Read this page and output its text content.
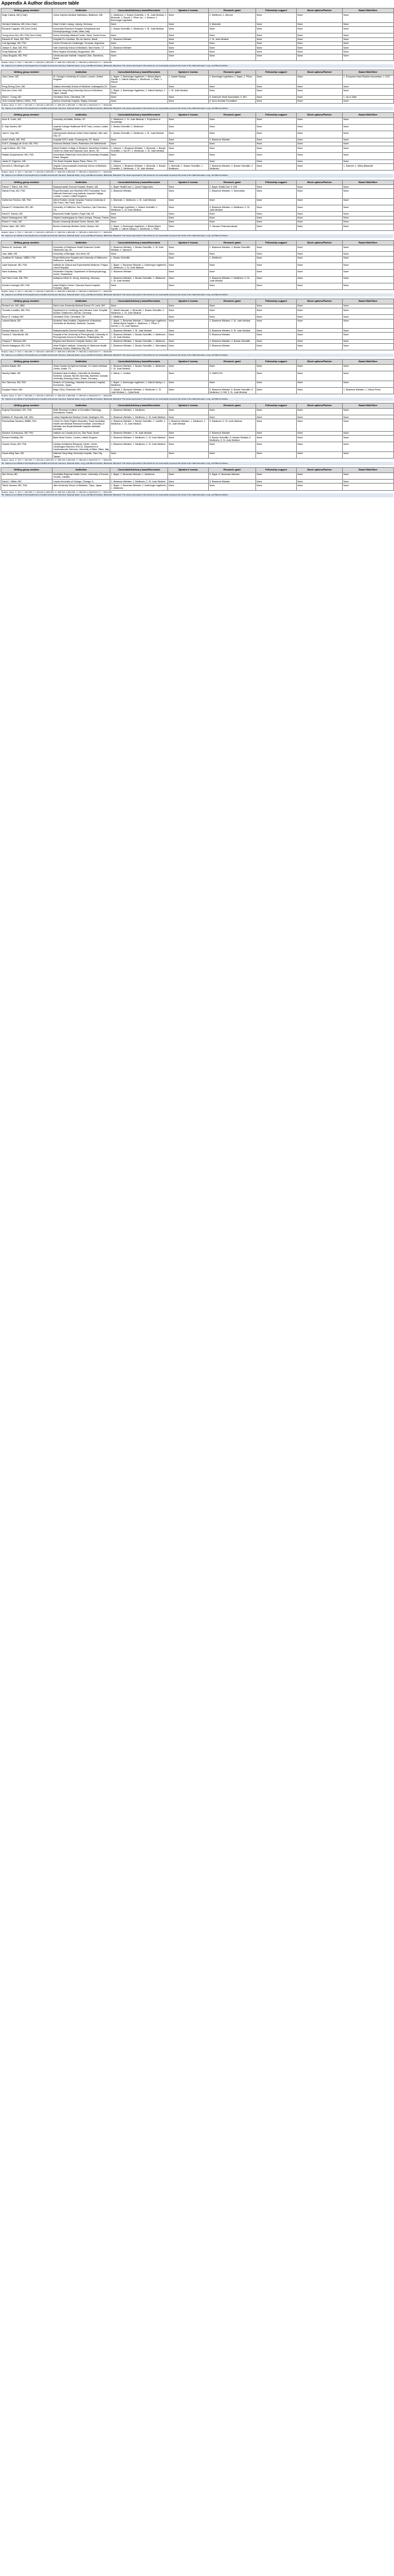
Appendix A Author disclosure table
Writing group member	Institution	Consultant/Advisory board/Honoraria	Speakers' bureau	Research grant	Fellowship support	Stock options/Partner	Board Mbr/Other
Hugh Calkins, MD (Chair)	Johns Hopkins Medical Institutions, Baltimore, MD	1. Medtronic; 1. Boston Scientific; 1. St. Jude Medical; 1. Biotronik; 1. Sanofi; 1. Pfizer Inc.; 1. Atricure; 1. Boehringer Ingelheim	None	2. Medtronic; 2. Atricure	None	None	None
Gerhard Hindricks, MD (Vice-Chair)	Heart Center Leipzig, Leipzig, Germany	None	None	5. Biotronik	None	None	None
Riccardo Cappato, MD (Vice-Chair)	Humanitas Research Hospital, Arrhythmias and Electrophysiology Center, Milan, Italy	1. Boston Scientific; 1. Medtronic; 1. St. Jude Medical	None	None	None	None	None
Young-Hoon Kim, MD, PhD (Vice-Chair)	Korea University Medical Center, Seoul, South Korea	None	None	None	None	None	None
Eduardo B. Saad, MD, PhD	Hospital Pro-Cardiaco, Rio de Janeiro, Brazil	1. Biosense Webster	None	2. St. Jude Medical	None	None	None
Luis Aguinaga, MD, PhD	Centro Privado de Cardiologia, Tucuman, Argentina	None	None	None	None	None	None
Joseph G. Akar, MD, PhD	Yale University School of Medicine, New Haven, CT	1. Biosense Webster	None	None	None	None	None
Vinay Badhwar, MD	West Virginia University, Morgantown, WV	None	None	None	None	None	None
Josep Brugada, MD, PhD	Cardiovascular Institute, Hospital Clinic, Barcelona, Spain	None	None	None	None	None	None
Relation Value: 0 = $0; 1 = $10,000; 2 = $10,001 to $25,000; 3 = $25,001 to $50,000; 4 = $50,001 to $100,000; 5 = > $100,000
*Dr. Caputo is an official of the Department of Health and Human Services, National Heart, Lung, and Blood Institute, Bethesda, Maryland. The views expressed in this article do not necessarily represent the views of the National Heart, Lung, and Blood Institute.
Writing group member	Institution	Consultant/Advisory board/Honoraria	Speakers' bureau	Research grant	Fellowship support	Stock options/Partner	Board Mbr/Other
John Camm, MD	St. George's University of London, London, United Kingdom	1. Bayer; 1. Boehringer Ingelheim; 1. Bristol-Myers Squibb; 1. Daiichi Sankyo; 1. Medtronic; 1. Pfizer; 1. Sanofi	1. Daiichi Sankyo	2. Boehringer Ingelheim; 2. Bayer; 2. Pfizer	None	None	1. European Heart Rhythm Association; 1. ESC
Peng-Sheng Chen, MD	Indiana University School of Medicine, Indianapolis, IN	None	None	None	None	None	None
Shih-Ann Chen, MD	National Yang-Ming University School of Medicine, Taipei, Taiwan	1. Bayer; 1. Boehringer Ingelheim; 1. Daiichi Sankyo; 1. Pfizer	1. St. Jude Medical	None	None	None	None
Mina K. Chung, MD	Cleveland Clinic, Cleveland, OH	None	None	5. American Heart Association; 5. NIH	None	None	1. Up to Date
Jens Cosedis Nielsen, DMSc, PhD	Aarhus University Hospital, Skejby, Denmark	None	None	5. Novo Nordisk Foundation	None	None	None
Relation Value: 0 = $0; 1 = $10,000; 2 = $10,001 to $25,000; 3 = $25,001 to $50,000; 4 = $50,001 to $100,000; 5 = > $100,000
*Dr. Caputo is an official of the Department of Health and Human Services, National Heart, Lung, and Blood Institute, Bethesda, Maryland. The views expressed in this article do not necessarily represent the views of the National Heart, Lung, and Blood Institute.
Writing group member	Institution	Consultant/Advisory board/Honoraria	Speakers' bureau	Research grant	Fellowship support	Stock options/Partner	Board Mbr/Other
Anne B. Curtis, MD	University at Buffalo, Buffalo, NY	1. Medtronic; 1. St. Jude Medical; 1. Projections in Knowledge	None	None	None	None	None
D. Wyn Davies, MD	Imperial College Healthcare NHS Trust, London, United Kingdom	1. Boston Scientific; 1. Medtronic	None	None	None	None	None
John D. Day, MD	Intermountain Medical Center Heart Institute, Salt Lake City, UT	1. Boston Scientific; 1. Medtronic; 1. St. Jude Medical	None	None	None	None	None
André d'Avila, MD, PhD	Hospital SOS Cardio, Florianopolis, SC, Brazil	None	None	5. Biosense Webster	None	None	None
N.M.S. (Natasja) de Groot, MD, PhD	Erasmus Medical Center, Rotterdam, the Netherlands	None	None	None	None	None	None
Luigi Di Biase, MD, PhD	Albert Einstein College of Medicine, Montefiore-Einstein Center for Heart and Vascular Care, Bronx, NY	1. Atricure; 1. Biosense Webster; 1. Biotronik; 1. Boston Scientific; 1. Epi EP; 1. Medtronic; 1. St. Jude Medical	None	None	None	None	None
Mattias Duytschaever, MD, PhD	Universitair Ziekenhuis Gent (Ghent University Hospital), Ghent, Belgium	None	None	None	None	None	None
James R. Edgerton, MD	The Heart Hospital, Baylor Plano, Plano, TX	1. Atricure	None	None	None	None	None
Kenneth A. Ellenbogen, MD	Virginia Commonwealth University School of Medicine, Richmond, VA	1. Atricure; 1. Biosense Webster; 1. Biotronik; 1. Boston Scientific; 1. Medtronic; 1. St. Jude Medical	1. Biotronik; 1. Boston Scientific; 1. Medtronic	2. Biosense Webster; 2. Boston Scientific; 2. Medtronic	None	None	1. Elsevier; 1. Wiley-Blackwell
Relation Value: 0 = $0; 1 = $10,000; 2 = $10,001 to $25,000; 3 = $25,001 to $50,000; 4 = $50,001 to $100,000; 5 = > $100,000
*Dr. Caputo is an official of the Department of Health and Human Services, National Heart, Lung, and Blood Institute, Bethesda, Maryland. The views expressed in this article do not necessarily represent the views of the National Heart, Lung, and Blood Institute.
Writing group member	Institution	Consultant/Advisory board/Honoraria	Speakers' bureau	Research grant	Fellowship support	Stock options/Partner	Board Mbr/Other
Patrick T. Ellinor, MD, PhD	Massachusetts General Hospital, Boston, MA	1. Bayer HealthCare; 1. Quest Diagnostics	None	2. Bayer HealthCare; 5. NIH	None	None	None
Sabine Ernst, MD, PhD	Royal Brompton and Harefield NHS Foundation Trust, National Heart and Lung Institute, Imperial College London, London, United Kingdom	1. Biosense Webster	None	1. Biosense Webster; 1. Stereotaxis	None	None	None
Guilherme Fenelon, MD, PhD	Albert Einstein Jewish Hospital, Federal University of São Paulo, São Paulo, Brazil	1. Biotronik; 1. Medtronic; 1. St. Jude Medical	None	None	None	None	None
Edward P. Gerstenfeld, MS, MD	University of California, San Francisco, San Francisco, CA	1. Boehringer Ingelheim; 1. Boston Scientific; 1. Medtronic; 1. St. Jude Medical	None	4. Biosense Webster; 4. Medtronic; 4. St. Jude Medical	None	None	None
David E. Haines, MD	Beaumont Health System, Royal Oak, MI	None	None	None	None	None	None
Michel Haissaguerre, MD	Hôpital Cardiologique du Haut-Lévêque, Pessac, France	None	None	None	None	None	None
Robert H. Helm, MD	Boston University Medical Center, Boston, MA	None	None	None	None	None	None
Elaine Hylek, MD, MPH	Boston University Medical Center, Boston, MA	1. Bayer; 1. Boehringer Ingelheim; 1. Bristol-Myers Squibb; 1. Daiichi Sankyo; 1. Medtronic; 1. Pfizer	None	2. Janssen Pharmaceuticals	None	None	None
Relation Value: 0 = $0; 1 = $10,000; 2 = $10,001 to $25,000; 3 = $25,001 to $50,000; 4 = $50,001 to $100,000; 5 = > $100,000
*Dr. Caputo is an official of the Department of Health and Human Services, National Heart, Lung, and Blood Institute, Bethesda, Maryland. The views expressed in this article do not necessarily represent the views of the National Heart, Lung, and Blood Institute.
Writing group member	Institution	Consultant/Advisory board/Honoraria	Speakers' bureau	Research grant	Fellowship support	Stock options/Partner	Board Mbr/Other
Warren M. Jackman, MD	University of Oklahoma Health Sciences Center, Oklahoma City, OK	1. Biosense Webster; 1. Boston Scientific; 1. St. Jude Medical; 1. VytronUS	None	1. Biosense Webster; 1. Boston Scientific	None	None	None
Jose Jalife, MD	University of Michigan, Ann Arbor, MI	None	None	None	None	None	None
Jonathan M. Kalman, MBBS, PhD	Royal Melbourne Hospital and University of Melbourne, Melbourne, Australia	1. Boston Scientific	None	1. Medtronic	None	None	None
Josef Kautzner, MD, PhD	Institute for Clinical and Experimental Medicine, Prague, Czech Republic	1. Bayer; 1. Biosense Webster; 1. Boehringer Ingelheim; 1. Medtronic; 1. St. Jude Medical	None	None	None	None	None
Hans Kottkamp, MD	Hirslanden Hospital, Department of Electrophysiology, Zurich, Switzerland	1. Biosense Webster	None	None	None	None	None
Karl Heinz Kuck, MD, PhD	Asklepios Klinik St. Georg, Hamburg, Germany	1. Biosense Webster; 1. Boston Scientific; 1. Medtronic; 1. St. Jude Medical	None	2. Biosense Webster; 2. Medtronic; 2. St. Jude Medical	None	None	None
Koichiro Kumagai, MD, PhD	Heart Rhythm Center, Fukuoka Sanno Hospital, Fukuoka, Japan	None	None	None	None	None	None
Relation Value: 0 = $0; 1 = $10,000; 2 = $10,001 to $25,000; 3 = $25,001 to $50,000; 4 = $50,001 to $100,000; 5 = > $100,000
*Dr. Caputo is an official of the Department of Health and Human Services, National Heart, Lung, and Blood Institute, Bethesda, Maryland. The views expressed in this article do not necessarily represent the views of the National Heart, Lung, and Blood Institute.
Writing group member	Institution	Consultant/Advisory board/Honoraria	Speakers' bureau	Research grant	Fellowship support	Stock options/Partner	Board Mbr/Other
Richard Lee, MD, MBA	Saint Louis University Medical School, St. Louis, MO	None	None	None	None	None	None
Thorsten Lewalter, MD, PhD	Department of Cardiology and Intensive Care, Hospital Munich-Thalkirchen, Munich, Germany	1. Abbott Vascular; 1. Biotronik; 1. Boston Scientific; 1. Medtronic; 1. St. Jude Medical	None	None	None	None	None
Bruce D. Lindsay, MD	Cleveland Clinic, Cleveland, OH	1. Medtronic	None	None	None	None	None
Laurent Macle, MD	Montreal Heart Institute, Department of Medicine, Université de Montréal, Montréal, Canada	1. Bayer; 1. Biosense Webster; 1. Boehringer Ingelheim; 1. Bristol-Myers Squibb; 1. Medtronic; 1. Pfizer; 1. Servier; 1. St. Jude Medical	None	2. Biosense Webster; 2. St. Jude Medical	None	None	None
Moussa Mansour, MD	Massachusetts General Hospital, Boston, MA	1. Biosense Webster; 1. St. Jude Medical	None	5. Biosense Webster; 5. St. Jude Medical	None	None	None
Francis E. Marchlinski, MD	Hospital of the University of Pennsylvania, University of Pennsylvania School of Medicine, Philadelphia, PA	1. Biosense Webster; 1. Boston Scientific; 1. Medtronic; 1. St. Jude Medical	None	5. Biosense Webster	None	None	None
Gregory F. Michaud, MD	Brigham and Women's Hospital, Boston, MA	1. Biosense Webster; 1. Boston Scientific; 1. Medtronic	None	4. Biosense Webster; 4. Boston Scientific	None	None	None
Hiroshi Nakagawa, MD, PhD	Heart Rhythm Institute, University of Oklahoma Health Sciences Center, Oklahoma City, OK	1. Biosense Webster; 1. Boston Scientific; 1. Stereotaxis	None	5. Biosense Webster	None	None	None
Relation Value: 0 = $0; 1 = $10,000; 2 = $10,001 to $25,000; 3 = $25,001 to $50,000; 4 = $50,001 to $100,000; 5 = > $100,000
*Dr. Caputo is an official of the Department of Health and Human Services, National Heart, Lung, and Blood Institute, Bethesda, Maryland. The views expressed in this article do not necessarily represent the views of the National Heart, Lung, and Blood Institute.
Writing group member	Institution	Consultant/Advisory board/Honoraria	Speakers' bureau	Research grant	Fellowship support	Stock options/Partner	Board Mbr/Other
Andrea Natale, MD	Texas Cardiac Arrhythmia Institute, St. David's Medical Center, Austin, TX	1. Biosense Webster; 1. Boston Scientific; 1. Medtronic; 1. St. Jude Medical	None	None	None	None	None
Stanley Nattel, MD	Montreal Heart Institute, Université de Montréal, Montréal, Canada; McGill University, Montréal, Canada; University Duisburg-Essen, Essen, Germany	1. Merck; 1. Xention	None	5. OMEICOS	None	None	None
Ken Okumura, MD, PhD	Division of Cardiology, Saiseikai Kumamoto Hospital, Kumamoto, Japan	1. Bayer; 1. Boehringer Ingelheim; 1. Daiichi Sankyo; 1. Medtronic	None	None	None	None	None
Douglas Packer, MD	Mayo Clinic, Rochester, MN	1. Abbott; 1. Biosense Webster; 1. Medtronic; 1. St. Jude Medical; 1. CyberHeart	None	5. Biosense Webster; 5. Boston Scientific; 5. Medtronic; 5. NIH; 5. St. Jude Medical	None	None	1. Biosense Webster; 1. Oxford Press
Relation Value: 0 = $0; 1 = $10,000; 2 = $10,001 to $25,000; 3 = $25,001 to $50,000; 4 = $50,001 to $100,000; 5 = > $100,000
*Dr. Caputo is an official of the Department of Health and Human Services, National Heart, Lung, and Blood Institute, Bethesda, Maryland. The views expressed in this article do not necessarily represent the views of the National Heart, Lung, and Blood Institute.
Writing group member	Institution	Consultant/Advisory board/Honoraria	Speakers' bureau	Research grant	Fellowship support	Stock options/Partner	Board Mbr/Other
Evgeny Pokushalov, MD, PhD	State Research Institute of Circulation Pathology, Novosibirsk, Russia	1. Biosense Webster; 1. Medtronic	None	None	None	None	None
Matthew R. Reynolds, MD, MSc	Lahey Hospital and Medical Center, Burlington, MA	1. Biosense Webster; 1. Medtronic; 1. St. Jude Medical	None	None	None	None	None
Prashanthan Sanders, MBBS, PhD	Centre for Heart Rhythm Disorders, South Australian Health and Medical Research Institute, University of Adelaide and Royal Adelaide Hospital, Adelaide, Australia	1. Biosense Webster; 1. Boston Scientific; 1. CathRx; 1. Medtronic; 1. St. Jude Medical	1. Biosense Webster; 1. Medtronic; 1. St. Jude Medical	5. Medtronic; 5. St. Jude Medical	None	None	None
Mauricio Scanavacca, MD, PhD	Instituto do Coração (InCor), São Paulo, Brazil	1. Biosense Webster; 1. St. Jude Medical	None	2. Biosense Webster	None	None	None
Richard Schilling, MD	Barts Heart Centre, London, United Kingdom	1. Biosense Webster; 1. Medtronic; 1. St. Jude Medical	None	5. Boston Scientific; 5. Hansen Medical; 5. Medtronic; 5. St. Jude Medical	None	None	None
Claudio Tondo, MD, PhD	Cardiac Arrhythmia Research Center, Centro Cardiologico Monzino, IRCCS, Department of Cardiovascular Sciences, University of Milan, Milan, Italy	1. Biosense Webster; 1. Medtronic; 1. St. Jude Medical	None	None	None	None	None
Hsuan-Ming Tsao, MD	National Yang Ming University Hospital, Yilan City, Taiwan	None	None	None	None	None	None
Relation Value: 0 = $0; 1 = $10,000; 2 = $10,001 to $25,000; 3 = $25,001 to $50,000; 4 = $50,001 to $100,000; 5 = > $100,000
*Dr. Caputo is an official of the Department of Health and Human Services, National Heart, Lung, and Blood Institute, Bethesda, Maryland. The views expressed in this article do not necessarily represent the views of the National Heart, Lung, and Blood Institute.
Writing group member	Institution	Consultant/Advisory board/Honoraria	Speakers' bureau	Research grant	Fellowship support	Stock options/Partner	Board Mbr/Other
Atul Verma, MD	Southlake Regional Health Centre, University of Toronto, Toronto, Canada	1. Bayer; 1. Biosense Webster; 1. Medtronic	None	5. Bayer; 5. Biosense Webster	None	None	None
David J. Wilber, MD	Loyola University of Chicago, Chicago, IL	1. Biosense Webster; 1. Medtronic; 1. St. Jude Medical	None	5. Biosense Webster	None	None	None
Teiichi Yamane, MD, PhD	Jikei University School of Medicine, Tokyo, Japan	1. Bayer; 1. Biosense Webster; 1. Boehringer Ingelheim; 1. Medtronic	None	None	None	None	None
Relation Value: 0 = $0; 1 = $10,000; 2 = $10,001 to $25,000; 3 = $25,001 to $50,000; 4 = $50,001 to $100,000; 5 = > $100,000
*Dr. Caputo is an official of the Department of Health and Human Services, National Heart, Lung, and Blood Institute, Bethesda, Maryland. The views expressed in this article do not necessarily represent the views of the National Heart, Lung, and Blood Institute.
